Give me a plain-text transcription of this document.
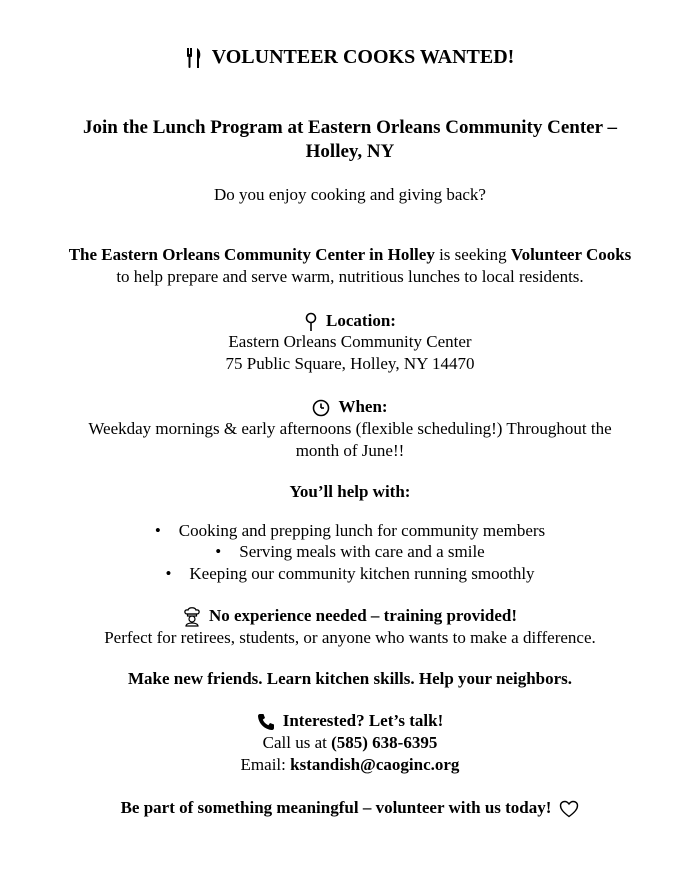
VOLUNTEER COOKS WANTED!
Join the Lunch Program at Eastern Orleans Community Center –
Holley, NY
Do you enjoy cooking and giving back?
The Eastern Orleans Community Center in Holley is seeking Volunteer Cooks
to help prepare and serve warm, nutritious lunches to local residents.
Location:
Eastern Orleans Community Center
75 Public Square, Holley, NY 14470
When:
Weekday mornings & early afternoons (flexible scheduling!) Throughout the
month of June!!
You’ll help with:
• Cooking and prepping lunch for community members
• Serving meals with care and a smile
• Keeping our community kitchen running smoothly
No experience needed – training provided!
Perfect for retirees, students, or anyone who wants to make a difference.
Make new friends. Learn kitchen skills. Help your neighbors.
Interested? Let’s talk!
Call us at (585) 638-6395
Email: kstandish@caoginc.org
Be part of something meaningful – volunteer with us today!
